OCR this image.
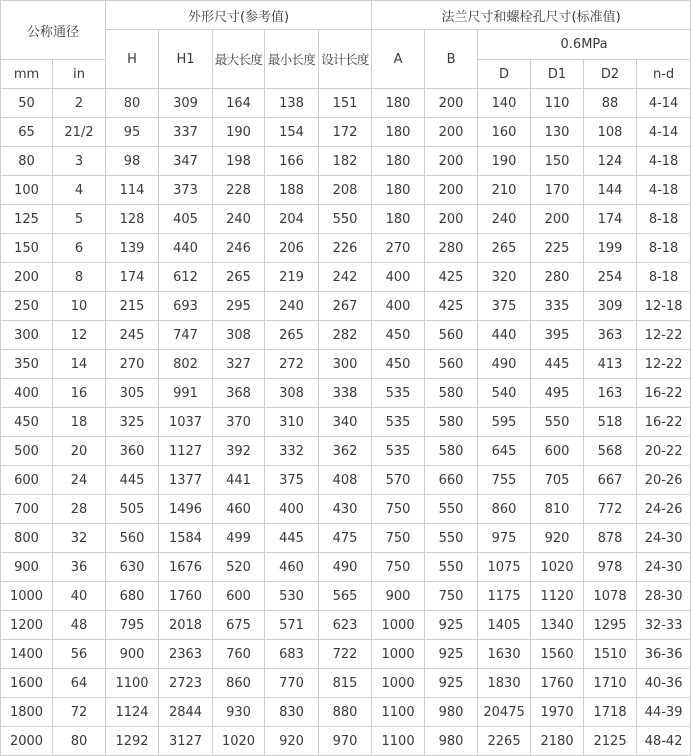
公称通径		外形尺寸(参考值)					法兰尺寸和螺栓孔尺寸(标准值)					
		H	H1	最大长度	最小长度	设计长度	A	B	0.6MPa			
mm	in								D	D1	D2	n-d
50	2	80	309	164	138	151	180	200	140	110	88	4-14
65	21/2	95	337	190	154	172	180	200	160	130	108	4-14
80	3	98	347	198	166	182	180	200	190	150	124	4-18
100	4	114	373	228	188	208	180	200	210	170	144	4-18
125	5	128	405	240	204	550	180	200	240	200	174	8-18
150	6	139	440	246	206	226	270	280	265	225	199	8-18
200	8	174	612	265	219	242	400	425	320	280	254	8-18
250	10	215	693	295	240	267	400	425	375	335	309	12-18
300	12	245	747	308	265	282	450	560	440	395	363	12-22
350	14	270	802	327	272	300	450	560	490	445	413	12-22
400	16	305	991	368	308	338	535	580	540	495	163	16-22
450	18	325	1037	370	310	340	535	580	595	550	518	16-22
500	20	360	1127	392	332	362	535	580	645	600	568	20-22
600	24	445	1377	441	375	408	570	660	755	705	667	20-26
700	28	505	1496	460	400	430	750	550	860	810	772	24-26
800	32	560	1584	499	445	475	750	550	975	920	878	24-30
900	36	630	1676	520	460	490	750	550	1075	1020	978	24-30
1000	40	680	1760	600	530	565	900	750	1175	1120	1078	28-30
1200	48	795	2018	675	571	623	1000	925	1405	1340	1295	32-33
1400	56	900	2363	760	683	722	1000	925	1630	1560	1510	36-36
1600	64	1100	2723	860	770	815	1000	925	1830	1760	1710	40-36
1800	72	1124	2844	930	830	880	1100	980	20475	1970	1718	44-39
2000	80	1292	3127	1020	920	970	1100	980	2265	2180	2125	48-42
